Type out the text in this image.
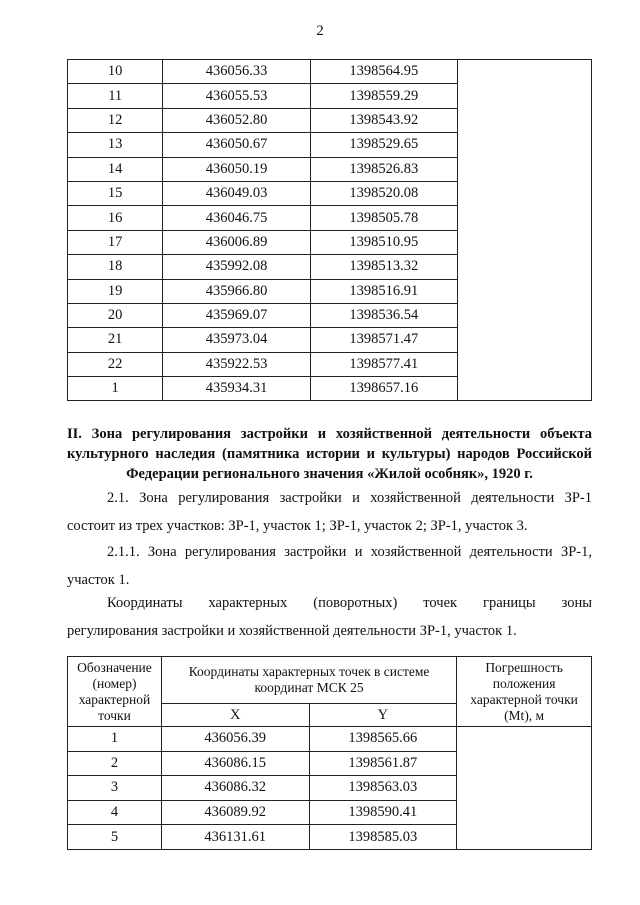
2
10	436056.33	1398564.95	
11	436055.53	1398559.29	
12	436052.80	1398543.92	
13	436050.67	1398529.65	
14	436050.19	1398526.83	
15	436049.03	1398520.08	
16	436046.75	1398505.78	
17	436006.89	1398510.95	
18	435992.08	1398513.32	
19	435966.80	1398516.91	
20	435969.07	1398536.54	
21	435973.04	1398571.47	
22	435922.53	1398577.41	
1	435934.31	1398657.16	
II. Зона регулирования застройки и хозяйственной деятельности объекта культурного наследия (памятника истории и культуры) народов Российской Федерации регионального значения «Жилой особняк», 1920 г.
2.1. Зона регулирования застройки и хозяйственной деятельности ЗР-1 состоит из трех участков: ЗР-1, участок 1; ЗР-1, участок 2; ЗР-1, участок 3.
2.1.1. Зона регулирования застройки и хозяйственной деятельности ЗР-1, участок 1.
Координаты характерных (поворотных) точек границы зоны
регулирования застройки и хозяйственной деятельности ЗР-1, участок 1.
Обозначение (номер) характерной точки	Координаты характерных точек в системе координат МСК 25		Погрешность положения характерной точки (Mt), м
	X	Y	
1	436056.39	1398565.66	
2	436086.15	1398561.87	
3	436086.32	1398563.03	
4	436089.92	1398590.41	
5	436131.61	1398585.03	
